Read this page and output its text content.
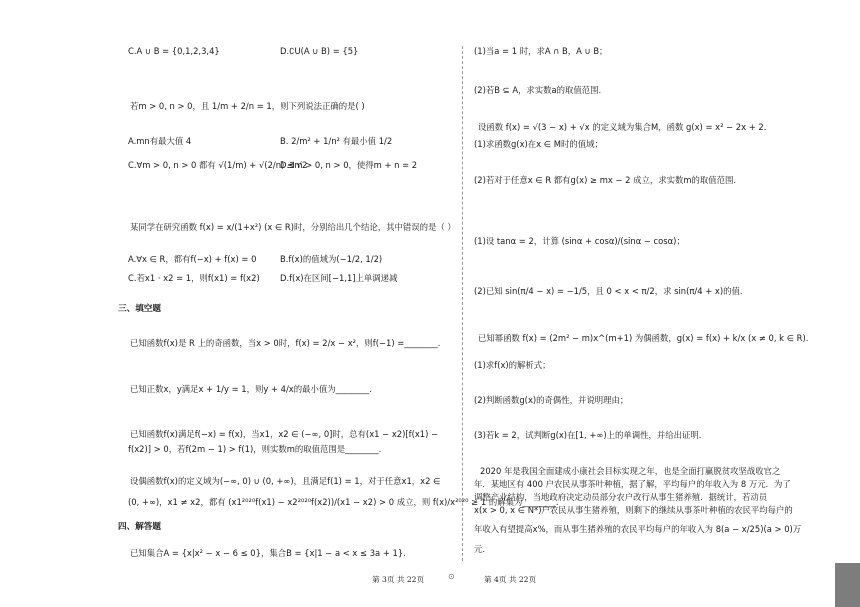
C.A ∪ B = {0,1,2,3,4}	D.∁U(A ∪ B) = {5}
若m > 0, n > 0，且 1/m + 2/n = 1，则下列说法正确的是( )
A.mn有最大值 4	B. 2/m² + 1/n² 有最小值 1/2
C.∀m > 0, n > 0 都有 √(1/m) + √(2/n) ≤ √2
D.∃m > 0, n > 0，使得m + n = 2
某同学在研究函数 f(x) = x/(1+x²) (x ∈ R)时，分别给出几个结论，其中错误的是（ ）
A.∀x ∈ R，都有f(−x) + f(x) = 0	B.f(x)的值域为(−1/2, 1/2)
C.若x1 · x2 = 1，则f(x1) = f(x2) D.f(x)在区间[−1,1]上单调递减
三、填空题
已知函数f(x)是 R 上的奇函数，当x > 0时，f(x) = 2/x − x²，则f(−1) =________.
已知正数x，y满足x + 1/y = 1，则y + 4/x的最小值为________.
已知函数f(x)满足f(−x) = f(x)，当x1，x2 ∈ (−∞, 0]时，总有(x1 − x2)[f(x1) −
f(x2)] > 0，若f(2m − 1) > f(1)，则实数m的取值范围是________.
设偶函数f(x)的定义域为(−∞, 0) ∪ (0, +∞)，且满足f(1) = 1，对于任意x1，x2 ∈
(0, +∞)，x1 ≠ x2，都有 (x1²⁰²⁰f(x1) − x2²⁰²⁰f(x2))/(x1 − x2) > 0 成立，则 f(x)/x²⁰²⁰ ≥ 1 的解集为________.
四、解答题
已知集合A = {x|x² − x − 6 ≤ 0}，集合B = {x|1 − a < x ≤ 3a + 1}.
(1)当a = 1 时，求A ∩ B，A ∪ B；
(2)若B ⊆ A，求实数a的取值范围.
设函数 f(x) = √(3 − x) + √x 的定义域为集合M，函数 g(x) = x² − 2x + 2.
(1)求函数g(x)在x ∈ M时的值域；
(2)若对于任意x ∈ R 都有g(x) ≥ mx − 2 成立，求实数m的取值范围.
(1)设 tanα = 2，计算 (sinα + cosα)/(sinα − cosα)；
(2)已知 sin(π/4 − x) = −1/5，且 0 < x < π/2，求 sin(π/4 + x)的值.
已知幂函数 f(x) = (2m² − m)x^(m+1) 为偶函数，g(x) = f(x) + k/x (x ≠ 0, k ∈ R).
(1)求f(x)的解析式；
(2)判断函数g(x)的奇偶性，并说明理由；
(3)若k = 2，试判断g(x)在[1, +∞)上的单调性，并给出证明.
2020 年是我国全面建成小康社会目标实现之年，也是全面打赢脱贫攻坚战收官之
年．某地区有 400 户农民从事茶叶种植，据了解，平均每户的年收入为 8 万元．为了
调整产业结构，当地政府决定动员部分农户改行从事生猪养殖．据统计，若动员
x(x > 0, x ∈ N*)户农民从事生猪养殖，则剩下的继续从事茶叶种植的农民平均每户的
年收入有望提高x%，而从事生猪养殖的农民平均每户的年收入为 8(a − x/25)(a > 0)万
元．
第 3页 共 22页	⊙	第 4页 共 22页
